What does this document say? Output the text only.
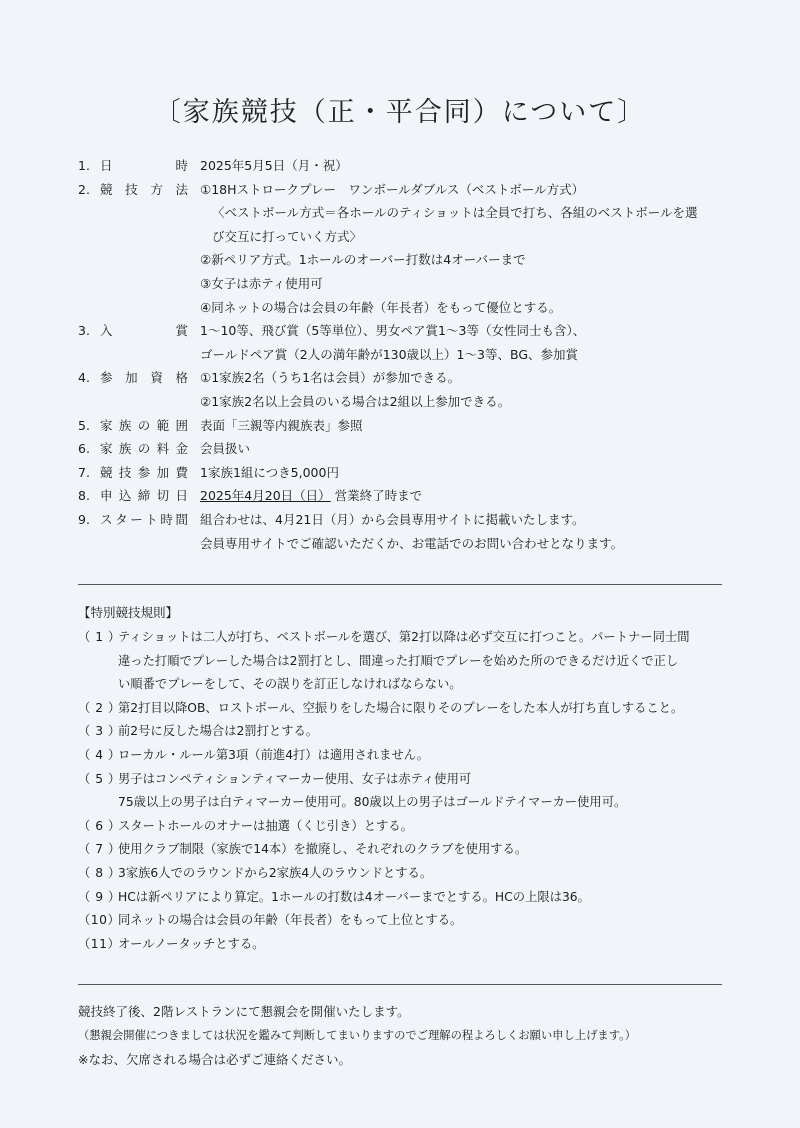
〔家族競技（正・平合同）について〕
1. 日	時 2025年5月5日（月・祝）
2. 競 技 方 法 ①18Hストロークプレー　ワンボールダブルス（ベストボール方式）
〈ベストボール方式＝各ホールのティショットは全員で打ち、各組のベストボールを選
び交互に打っていく方式〉
②新ペリア方式。1ホールのオーバー打数は4オーバーまで
③女子は赤ティ使用可
④同ネットの場合は会員の年齢（年長者）をもって優位とする。
3. 入	賞 1〜10等、飛び賞（5等単位）、男女ペア賞1〜3等（女性同士も含）、
ゴールドペア賞（2人の満年齢が130歳以上）1〜3等、BG、参加賞
4. 参 加 資 格 ①1家族2名（うち1名は会員）が参加できる。
②1家族2名以上会員のいる場合は2組以上参加できる。
5. 家 族 の 範 囲 表面「三親等内親族表」参照
6. 家 族 の 料 金 会員扱い
7. 競 技 参 加 費 1家族1組につき5,000円
8. 申 込 締 切 日 2025年4月20日（日） 営業終了時まで
9. ス タ ー ト 時 間 組合わせは、4月21日（月）から会員専用サイトに掲載いたします。
会員専用サイトでご確認いただくか、お電話でのお問い合わせとなります。
【特別競技規則】
（ 1 ）
ティショットは二人が打ち、ベストボールを選び、第2打以降は必ず交互に打つこと。パートナー同士間
違った打順でプレーした場合は2罰打とし、間違った打順でプレーを始めた所のできるだけ近くで正し
い順番でプレーをして、その誤りを訂正しなければならない。
（ 2 ）
第2打目以降OB、ロストボール、空振りをした場合に限りそのプレーをした本人が打ち直しすること。
（ 3 ）
前2号に反した場合は2罰打とする。
（ 4 ）
ローカル・ルール第3項（前進4打）は適用されません。
（ 5 ）
男子はコンペティションティマーカー使用、女子は赤ティ使用可
75歳以上の男子は白ティマーカー使用可。80歳以上の男子はゴールドテイマーカー使用可。
（ 6 ）
スタートホールのオナーは抽選（くじ引き）とする。
（ 7 ）
使用クラブ制限（家族で14本）を撤廃し、それぞれのクラブを使用する。
（ 8 ）
3家族6人でのラウンドから2家族4人のラウンドとする。
（ 9 ）
HCは新ペリアにより算定。1ホールの打数は4オーバーまでとする。HCの上限は36。
（10）
同ネットの場合は会員の年齢（年長者）をもって上位とする。
（11）
オールノータッチとする。
競技終了後、2階レストランにて懇親会を開催いたします。
（懇親会開催につきましては状況を鑑みて判断してまいりますのでご理解の程よろしくお願い申し上げます。）
※なお、欠席される場合は必ずご連絡ください。
